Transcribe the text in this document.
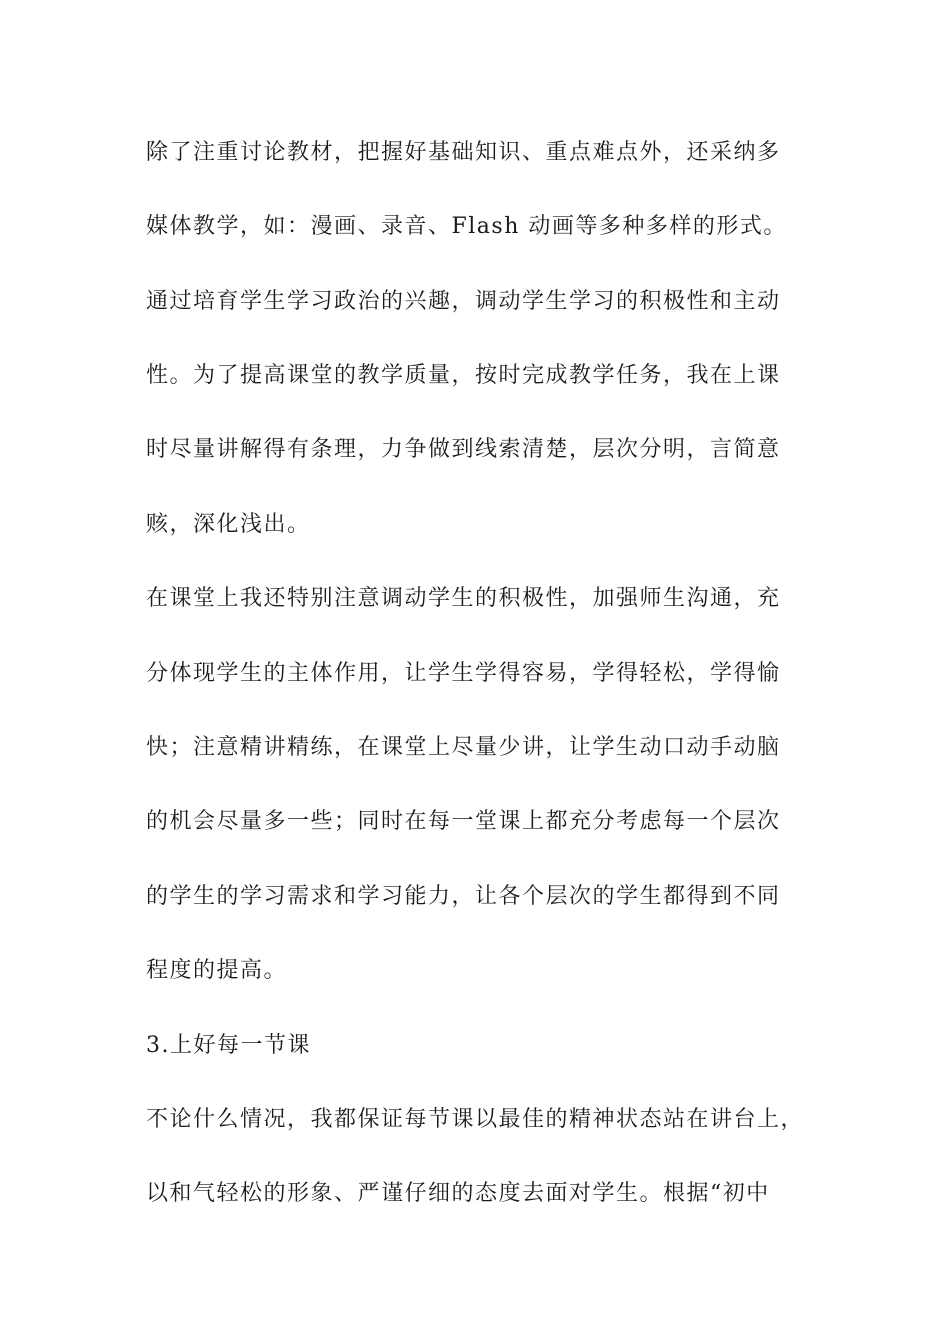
除了注重讨论教材，把握好基础知识、重点难点外，还采纳多

媒体教学，如：漫画、录音、Flash 动画等多种多样的形式。

通过培育学生学习政治的兴趣，调动学生学习的积极性和主动

性。为了提高课堂的教学质量，按时完成教学任务，我在上课

时尽量讲解得有条理，力争做到线索清楚，层次分明，言简意

赅，深化浅出。

在课堂上我还特别注意调动学生的积极性，加强师生沟通，充

分体现学生的主体作用，让学生学得容易，学得轻松，学得愉

快；注意精讲精练，在课堂上尽量少讲，让学生动口动手动脑

的机会尽量多一些；同时在每一堂课上都充分考虑每一个层次

的学生的学习需求和学习能力，让各个层次的学生都得到不同

程度的提高。

3.上好每一节课

不论什么情况，我都保证每节课以最佳的精神状态站在讲台上，

以和气轻松的形象、严谨仔细的态度去面对学生。根据“初中
